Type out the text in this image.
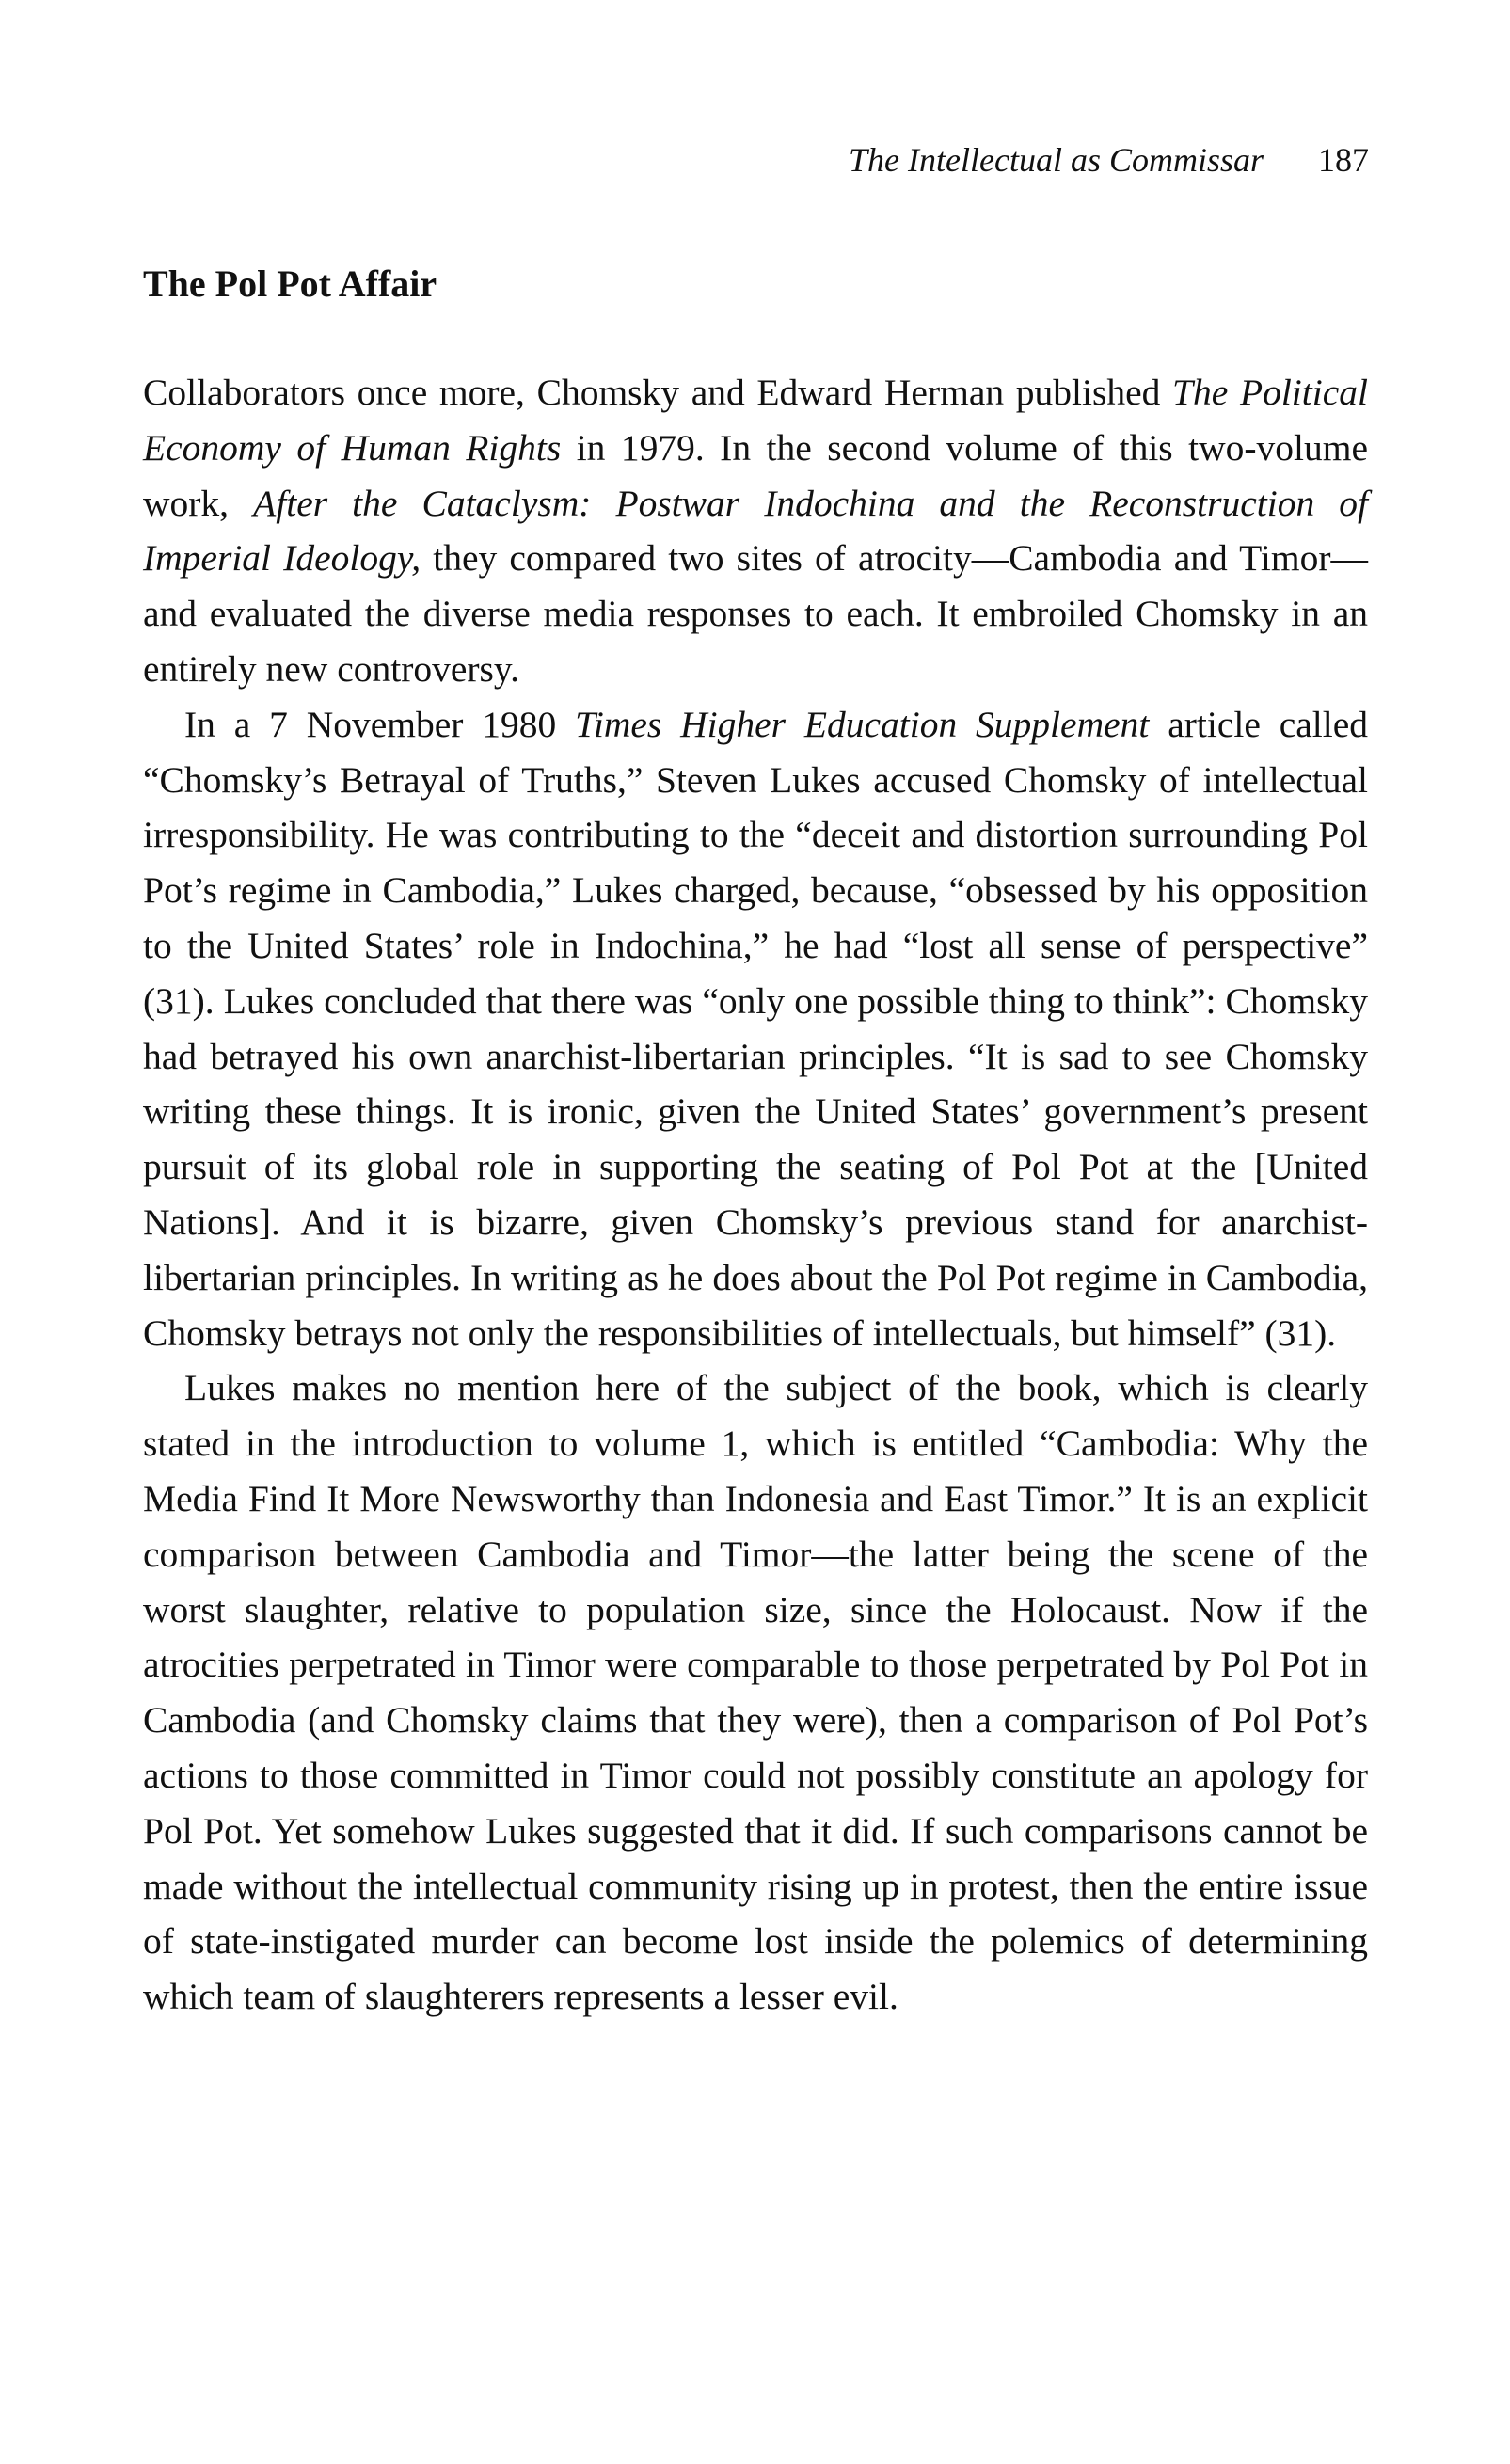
The Intellectual as Commissar 187
The Pol Pot Affair

Collaborators once more, Chomsky and Edward Herman published The Political Economy of Human Rights in 1979. In the second volume of this two-volume work, After the Cataclysm: Postwar Indochina and the Reconstruction of Imperial Ideology, they compared two sites of atrocity—Cambodia and Timor—and evaluated the diverse media responses to each. It embroiled Chomsky in an entirely new controversy.

In a 7 November 1980 Times Higher Education Supplement article called “Chomsky’s Betrayal of Truths,” Steven Lukes accused Chomsky of intellectual irresponsibility. He was contributing to the “deceit and distortion surrounding Pol Pot’s regime in Cambodia,” Lukes charged, because, “obsessed by his opposition to the United States’ role in Indochina,” he had “lost all sense of perspective” (31). Lukes concluded that there was “only one possible thing to think”: Chomsky had betrayed his own anarchist-libertarian principles. “It is sad to see Chomsky writing these things. It is ironic, given the United States’ government’s present pursuit of its global role in supporting the seating of Pol Pot at the [United Nations]. And it is bizarre, given Chomsky’s previous stand for anarchist-libertarian principles. In writing as he does about the Pol Pot regime in Cambodia, Chomsky betrays not only the responsibilities of intellectuals, but himself” (31).

Lukes makes no mention here of the subject of the book, which is clearly stated in the introduction to volume 1, which is entitled “Cambodia: Why the Media Find It More Newsworthy than Indonesia and East Timor.” It is an explicit comparison between Cambodia and Timor—the latter being the scene of the worst slaughter, relative to population size, since the Holocaust. Now if the atrocities perpetrated in Timor were comparable to those perpetrated by Pol Pot in Cambodia (and Chomsky claims that they were), then a comparison of Pol Pot’s actions to those committed in Timor could not possibly constitute an apology for Pol Pot. Yet somehow Lukes suggested that it did. If such comparisons cannot be made without the intellectual community rising up in protest, then the entire issue of state-instigated murder can become lost inside the polemics of determining which team of slaughterers represents a lesser evil.
